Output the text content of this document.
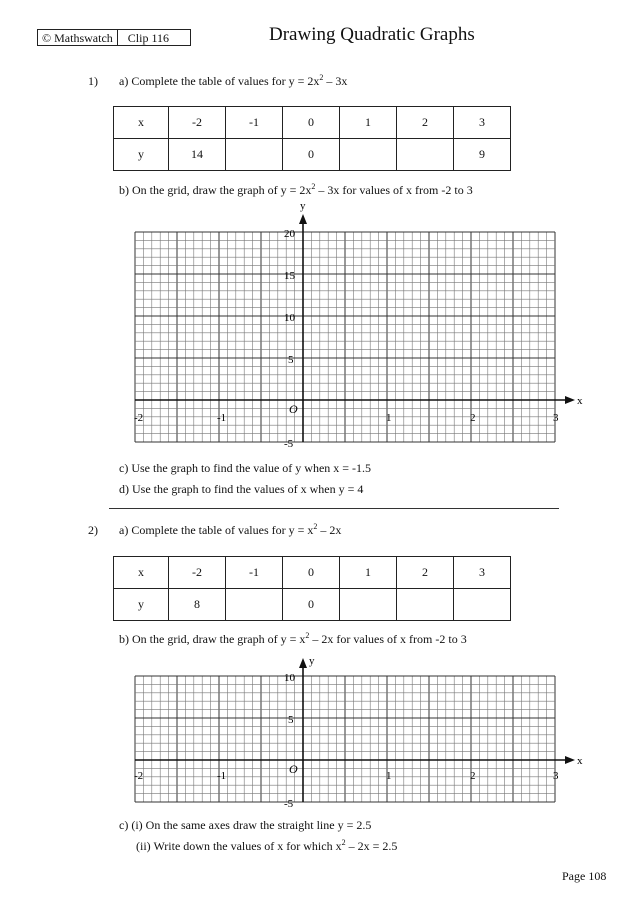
© Mathswatch	Clip 116	Drawing Quadratic Graphs
1) a) Complete the table of values for $y = 2x^2 - 3x$
x	-2	-1	0	1	2	3
y	14		0			9
b) On the grid, draw the graph of $y = 2x^2 - 3x$ for values of x from -2 to 3
y
x
O
-2	-1	1	2	3
20
15
10
5
-5
c) Use the graph to find the value of y when x = -1.5
d) Use the graph to find the values of x when y = 4
2) a) Complete the table of values for $y = x^2 - 2x$
x	-2	-1	0	1	2	3
y	8		0			
b) On the grid, draw the graph of $y = x^2 - 2x$ for values of x from -2 to 3
y
x
O
-2	-1	1	2	3
10
5
-5
c) (i) On the same axes draw the straight line y = 2.5
(ii) Write down the values of x for which $x^2 - 2x = 2.5$
Page 108
